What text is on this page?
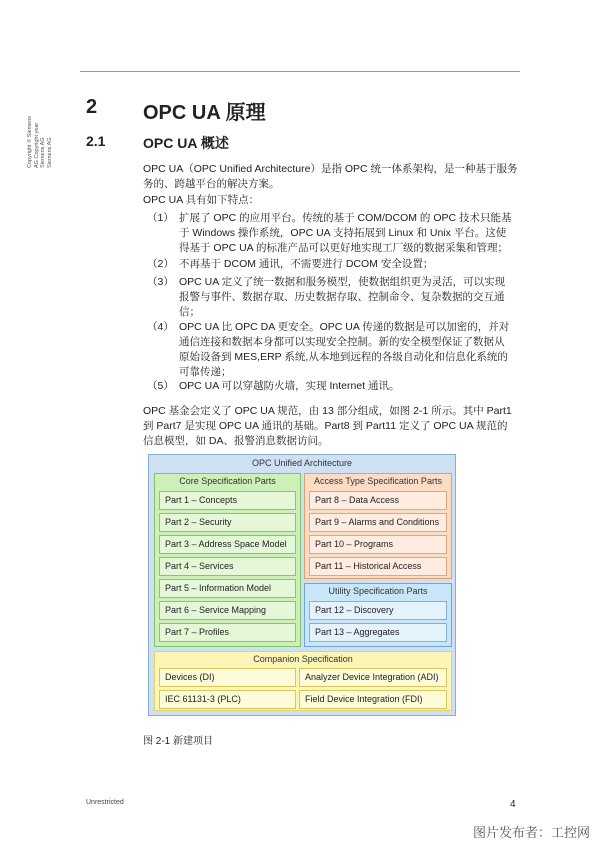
Copyright © Siemens AG Copyright year Siemens AG Siemens AG
2 OPC UA 原理
2.1	OPC UA 概述
OPC UA（OPC Unified Architecture）是指 OPC 统一体系架构，是一种基于服务
务的、跨越平台的解决方案。
OPC UA 具有如下特点：
（1） 扩展了 OPC 的应用平台。传统的基于 COM/DCOM 的 OPC 技术只能基
于 Windows 操作系统，OPC UA 支持拓展到 Linux 和 Unix 平台。这使
得基于 OPC UA 的标准产品可以更好地实现工厂级的数据采集和管理；
（2） 不再基于 DCOM 通讯，不需要进行 DCOM 安全设置；
（3） OPC UA 定义了统一数据和服务模型，使数据组织更为灵活，可以实现
报警与事件、数据存取、历史数据存取、控制命令、复杂数据的交互通
信；
（4） OPC UA 比 OPC DA 更安全。OPC UA 传递的数据是可以加密的，并对
通信连接和数据本身都可以实现安全控制。新的安全模型保证了数据从
原始设备到 MES,ERP 系统,从本地到远程的各级自动化和信息化系统的
可靠传递；
（5） OPC UA 可以穿越防火墙，实现 Internet 通讯。
OPC 基金会定义了 OPC UA 规范，由 13 部分组成，如图 2-1 所示。其中 Part1
到 Part7 是实现 OPC UA 通讯的基础。Part8 到 Part11 定义了 OPC UA 规范的
信息模型，如 DA、报警消息数据访问。
OPC Unified Architecture
Core Specification Parts
Part 1 – Concepts
Part 2 – Security
Part 3 – Address Space Model
Part 4 – Services
Part 5 – Information Model
Part 6 – Service Mapping
Part 7 – Profiles
Access Type Specification Parts
Part 8 – Data Access
Part 9 – Alarms and Conditions
Part 10 – Programs
Part 11 – Historical Access
Utility Specification Parts
Part 12 – Discovery
Part 13 – Aggregates
Companion Specification
Devices (DI)	Analyzer Device Integration (ADI)
IEC 61131-3 (PLC)	Field Device Integration (FDI)
图 2-1 新建项目
Unrestricted	4
图片发布者：工控网
